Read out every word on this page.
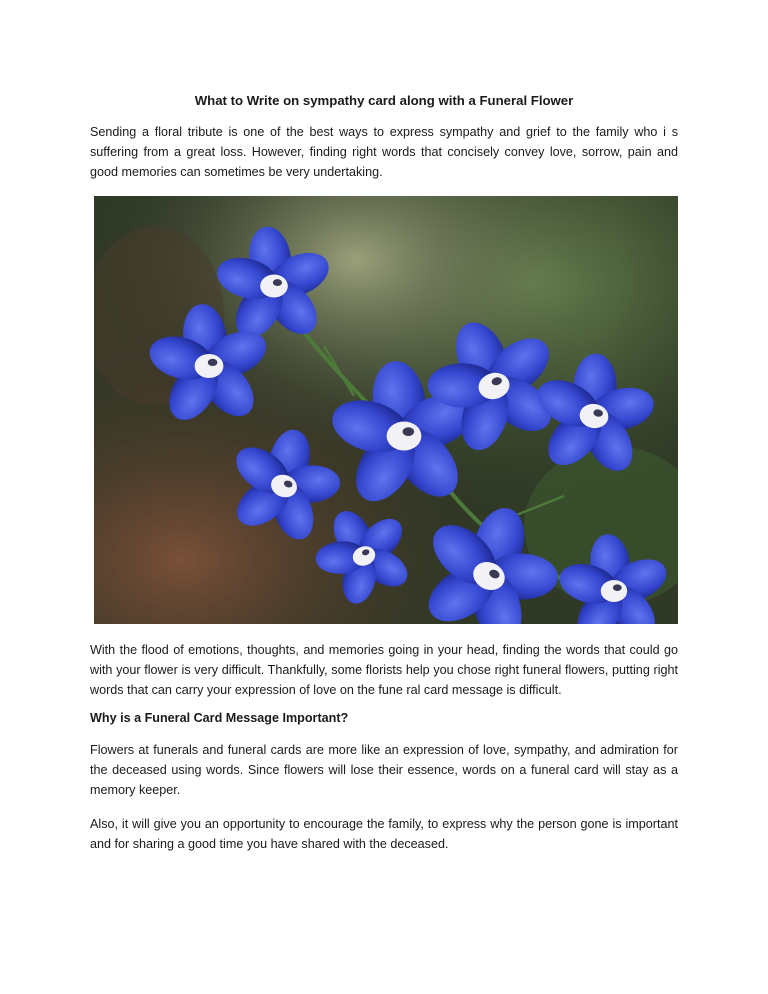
What to Write on sympathy card along with a Funeral Flower

Sending a floral tribute is one of the best ways to express sympathy and grief to the family who i s suffering from a great loss. However, finding right words that concisely convey love, sorrow, pain and good memories can sometimes be very undertaking.

With the flood of emotions, thoughts, and memories going in your head, finding the words that could go with your flower is very difficult. Thankfully, some florists help you chose right funeral flowers, putting right words that can carry your expression of love on the fune ral card message is difficult.

Why is a Funeral Card Message Important?

Flowers at funerals and funeral cards are more like an expression of love, sympathy, and admiration for the deceased using words. Since flowers will lose their essence, words on a funeral card will stay as a memory keeper.

Also, it will give you an opportunity to encourage the family, to express why the person gone is important and for sharing a good time you have shared with the deceased.
